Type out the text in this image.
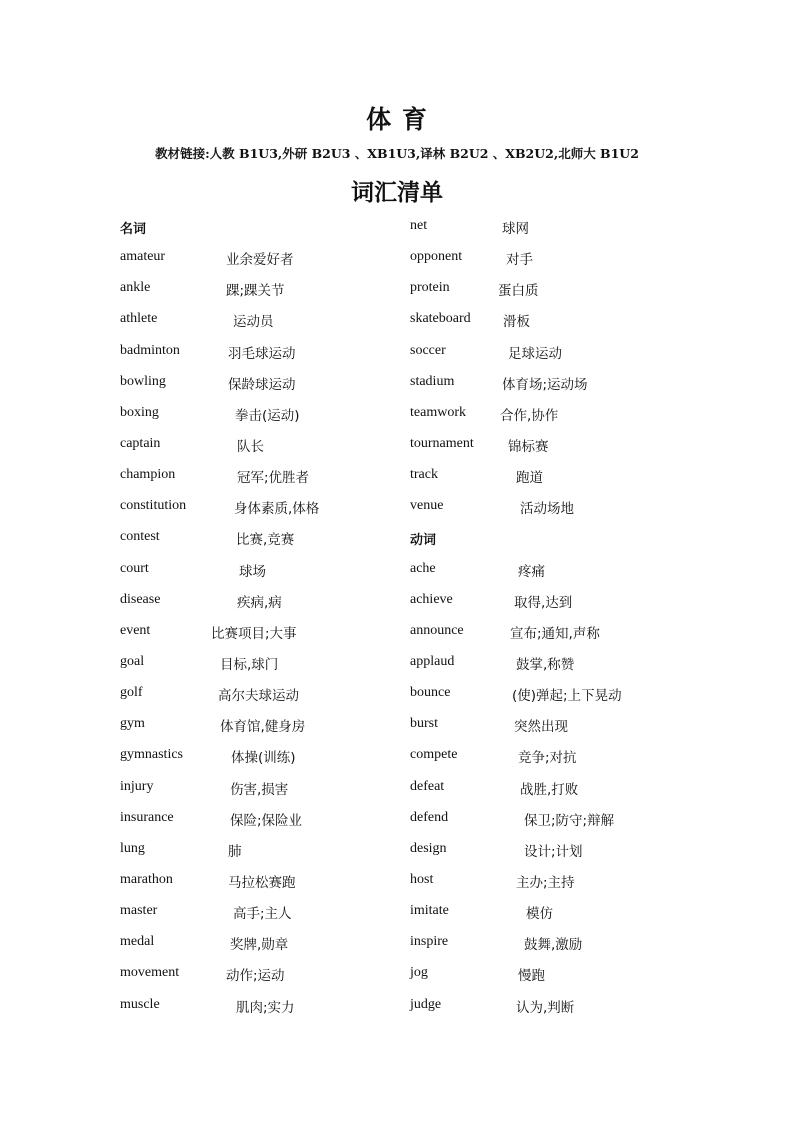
体 育
教材链接:人教 B1U3,外研 B2U3 、XB1U3,译林 B2U2 、XB2U2,北师大 B1U2
词汇清单
名词
amateur	业余爱好者
ankle	踝;踝关节
athlete	运动员
badminton	羽毛球运动
bowling	保龄球运动
boxing	拳击(运动)
captain	队长
champion	冠军;优胜者
constitution	身体素质,体格
contest	比赛,竞赛
court	球场
disease	疾病,病
event	比赛项目;大事
goal	目标,球门
golf	高尔夫球运动
gym	体育馆,健身房
gymnastics	体操(训练)
injury	伤害,损害
insurance	保险;保险业
lung	肺
marathon	马拉松赛跑
master	高手;主人
medal	奖牌,勋章
movement	动作;运动
muscle	肌肉;实力
net	球网
opponent	对手
protein	蛋白质
skateboard 滑板
soccer	足球运动
stadium	体育场;运动场
teamwork	合作,协作
tournament	锦标赛
track	跑道
venue	活动场地
动词
ache	疼痛
achieve	取得,达到
announce	宣布;通知,声称
applaud	鼓掌,称赞
bounce	(使)弹起;上下晃动
burst	突然出现
compete	竞争;对抗
defeat	战胜,打败
defend	保卫;防守;辩解
design	设计;计划
host	主办;主持
imitate	模仿
inspire	鼓舞,激励
jog	慢跑
judge	认为,判断
